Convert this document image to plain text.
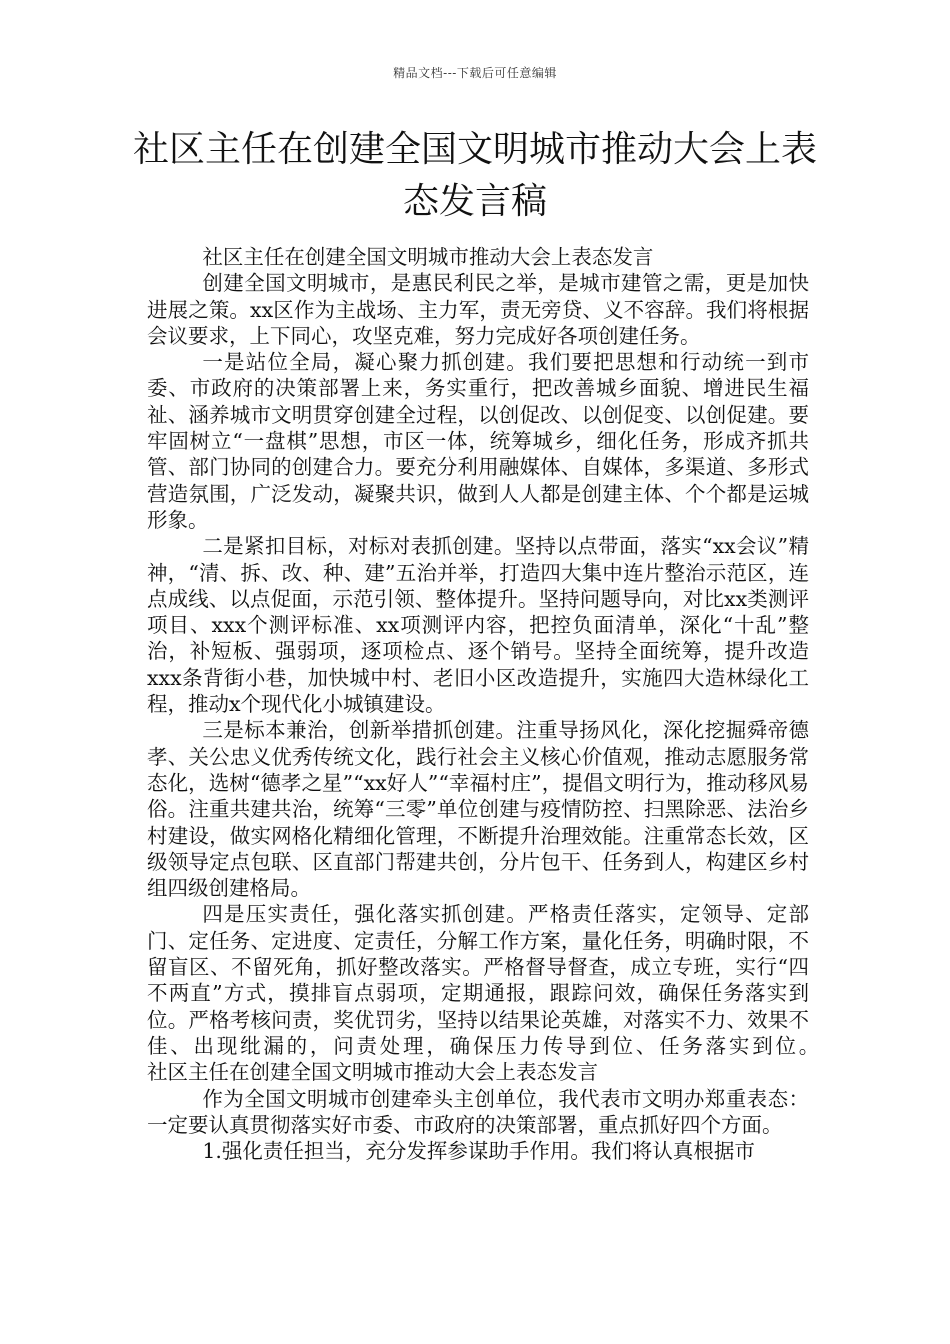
精品文档---下载后可任意编辑
社区主任在创建全国文明城市推动大会上表态发言稿

社区主任在创建全国文明城市推动大会上表态发言

创建全国文明城市，是惠民利民之举，是城市建管之需，更是加快进展之策。xx区作为主战场、主力军，责无旁贷、义不容辞。我们将根据会议要求，上下同心，攻坚克难，努力完成好各项创建任务。

一是站位全局，凝心聚力抓创建。我们要把思想和行动统一到市委、市政府的决策部署上来，务实重行，把改善城乡面貌、增进民生福祉、涵养城市文明贯穿创建全过程，以创促改、以创促变、以创促建。要牢固树立“一盘棋”思想，市区一体，统筹城乡，细化任务，形成齐抓共管、部门协同的创建合力。要充分利用融媒体、自媒体，多渠道、多形式营造氛围，广泛发动，凝聚共识，做到人人都是创建主体、个个都是运城形象。

二是紧扣目标，对标对表抓创建。坚持以点带面，落实“xx会议”精神，“清、拆、改、种、建”五治并举，打造四大集中连片整治示范区，连点成线、以点促面，示范引领、整体提升。坚持问题导向，对比xx类测评项目、xxx个测评标准、xx项测评内容，把控负面清单，深化“十乱”整治，补短板、强弱项，逐项检点、逐个销号。坚持全面统筹，提升改造xxx条背街小巷，加快城中村、老旧小区改造提升，实施四大造林绿化工程，推动x个现代化小城镇建设。

三是标本兼治，创新举措抓创建。注重导扬风化，深化挖掘舜帝德孝、关公忠义优秀传统文化，践行社会主义核心价值观，推动志愿服务常态化，选树“德孝之星”“xx好人”“幸福村庄”，提倡文明行为，推动移风易俗。注重共建共治，统筹“三零”单位创建与疫情防控、扫黑除恶、法治乡村建设，做实网格化精细化管理，不断提升治理效能。注重常态长效，区级领导定点包联、区直部门帮建共创，分片包干、任务到人，构建区乡村组四级创建格局。

四是压实责任，强化落实抓创建。严格责任落实，定领导、定部门、定任务、定进度、定责任，分解工作方案，量化任务，明确时限，不留盲区、不留死角，抓好整改落实。严格督导督查，成立专班，实行“四不两直”方式，摸排盲点弱项，定期通报，跟踪问效，确保任务落实到位。严格考核问责，奖优罚劣，坚持以结果论英雄，对落实不力、效果不佳、出现纰漏的，问责处理，确保压力传导到位、任务落实到位。　　　社区主任在创建全国文明城市推动大会上表态发言

作为全国文明城市创建牵头主创单位，我代表市文明办郑重表态：一定要认真贯彻落实好市委、市政府的决策部署，重点抓好四个方面。

1.强化责任担当，充分发挥参谋助手作用。我们将认真根据市
